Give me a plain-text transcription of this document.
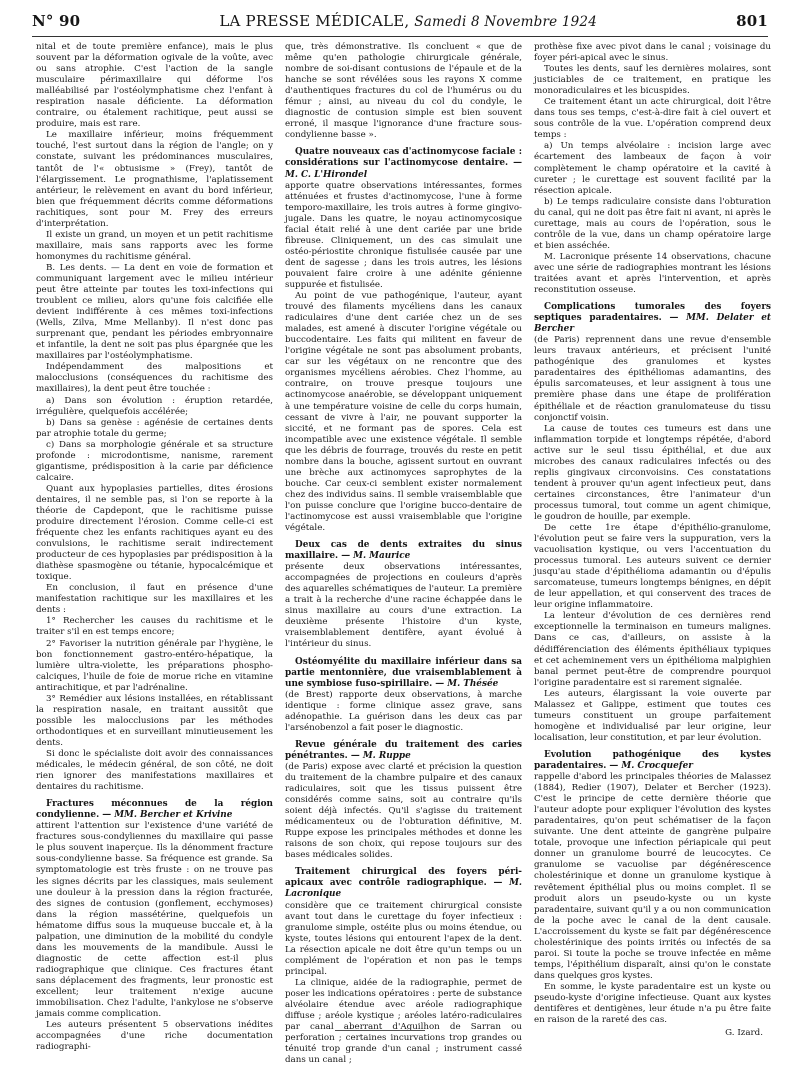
N° 90	LA PRESSE MÉDICALE, Samedi 8 Novembre 1924	801

nital et de toute première enfance), mais le plus souvent par la déformation ogivale de la voûte, avec ou sans atrophie. C'est l'action de la sangle musculaire périmaxillaire qui déforme l'os malléabilisé par l'ostéolymphatisme chez l'enfant à respiration nasale déficiente. La déformation contraire, ou étalement rachitique, peut aussi se produire, mais est rare.

Le maxillaire inférieur, moins fréquemment touché, l'est surtout dans la région de l'angle; on y constate, suivant les prédominances musculaires, tantôt de l'« obtusisme » (Frey), tantôt de l'élargissement. Le prognathisme, l'aplatissement antérieur, le relèvement en avant du bord inférieur, bien que fréquemment décrits comme déformations rachitiques, sont pour M. Frey des erreurs d'interprétation.

Il existe un grand, un moyen et un petit rachitisme maxillaire, mais sans rapports avec les forme homonymes du rachitisme général.

B. Les dents. — La dent en voie de formation et communiquant largement avec le milieu intérieur peut être atteinte par toutes les toxi-infections qui troublent ce milieu, alors qu'une fois calcifiée elle devient indifférente à ces mêmes toxi-infections (Wells, Zilva, Mme Mellanby). Il n'est donc pas surprenant que, pendant les périodes embryonnaire et infantile, la dent ne soit pas plus épargnée que les maxillaires par l'ostéolymphatisme.

Indépendamment des malpositions et malocclusions (conséquences du rachitisme des maxillaires), la dent peut être touchée :

a) Dans son évolution : éruption retardée, irrégulière, quelquefois accélérée;

b) Dans sa genèse : agénésie de certaines dents par atrophie totale du germe;

c) Dans sa morphologie générale et sa structure profonde : microdontisme, nanisme, rarement gigantisme, prédisposition à la carie par déficience calcaire.

Quant aux hypoplasies partielles, dites érosions dentaires, il ne semble pas, si l'on se reporte à la théorie de Capdepont, que le rachitisme puisse produire directement l'érosion. Comme celle-ci est fréquente chez les enfants rachitiques ayant eu des convulsions, le rachitisme serait indirectement producteur de ces hypoplasies par prédisposition à la diathèse spasmogène ou tétanie, hypocalcémique et toxique.

En conclusion, il faut en présence d'une manifestation rachitique sur les maxillaires et les dents :

1° Rechercher les causes du rachitisme et le traiter s'il en est temps encore;

2° Favoriser la nutrition générale par l'hygiène, le bon fonctionnement gastro-entéro-hépatique, la lumière ultra-violette, les préparations phospho-calciques, l'huile de foie de morue riche en vitamine antirachitique, et par l'adrénaline.

3° Remédier aux lésions installées, en rétablissant la respiration nasale, en traitant aussitôt que possible les malocclusions par les méthodes orthodontiques et en surveillant minutieusement les dents.

Si donc le spécialiste doit avoir des connaissances médicales, le médecin général, de son côté, ne doit rien ignorer des manifestations maxillaires et dentaires du rachitisme.

Fractures méconnues de la région condylienne. — MM. Bercher et Krivine

attirent l'attention sur l'existence d'une variété de fractures sous-condyliennes du maxillaire qui passe le plus souvent inaperçue. Ils la dénomment fracture sous-condylienne basse. Sa fréquence est grande. Sa symptomatologie est très fruste : on ne trouve pas les signes décrits par les classiques, mais seulement une douleur à la pression dans la région fracturée, des signes de contusion (gonflement, ecchymoses) dans la région massétérine, quelquefois un hématome diffus sous la muqueuse buccale et, à la palpation, une diminution de la mobilité du condyle dans les mouvements de la mandibule. Aussi le diagnostic de cette affection est-il plus radiographique que clinique. Ces fractures étant sans déplacement des fragments, leur pronostic est excellent; leur traitement n'exige aucune immobilisation. Chez l'adulte, l'ankylose ne s'observe jamais comme complication.

Les auteurs présentent 5 observations inédites accompagnées d'une riche documentation radiographi-

que, très démonstrative. Ils concluent « que de même qu'en pathologie chirurgicale générale, nombre de soi-disant contusions de l'épaule et de la hanche se sont révélées sous les rayons X comme d'authentiques fractures du col de l'humérus ou du fémur ; ainsi, au niveau du col du condyle, le diagnostic de contusion simple est bien souvent erroné, il masque l'ignorance d'une fracture sous-condylienne basse ».

Quatre nouveaux cas d'actinomycose faciale : considérations sur l'actinomycose dentaire. — M. C. L'Hirondel

apporte quatre observations intéressantes, formes atténuées et frustes d'actinomycose, l'une à forme temporo-maxillaire, les trois autres à forme gingivo-jugale. Dans les quatre, le noyau actinomycosique facial était relié à une dent cariée par une bride fibreuse. Cliniquement, un des cas simulait une ostéo-périostite chronique fistulisée causée par une dent de sagesse ; dans les trois autres, les lésions pouvaient faire croire à une adénite génienne suppurée et fistulisée.

Au point de vue pathogénique, l'auteur, ayant trouvé des filaments mycéliens dans les canaux radiculaires d'une dent cariée chez un de ses malades, est amené à discuter l'origine végétale ou buccodentaire. Les faits qui militent en faveur de l'origine végétale ne sont pas absolument probants, car sur les végétaux on ne rencontre que des organismes mycéliens aérobies. Chez l'homme, au contraire, on trouve presque toujours une actinomycose anaérobie, se développant uniquement à une température voisine de celle du corps humain, cessant de vivre à l'air, ne pouvant supporter la siccité, et ne formant pas de spores. Cela est incompatible avec une existence végétale. Il semble que les débris de fourrage, trouvés du reste en petit nombre dans la bouche, agissent surtout en ouvrant une brèche aux actinomyces saprophytes de la bouche. Car ceux-ci semblent exister normalement chez des individus sains. Il semble vraisemblable que l'on puisse conclure que l'origine bucco-dentaire de l'actinomycose est aussi vraisemblable que l'origine végétale.

Deux cas de dents extraites du sinus maxillaire. — M. Maurice

présente deux observations intéressantes, accompagnées de projections en couleurs d'après des aquarelles schématiques de l'auteur. La première a trait à la recherche d'une racine échappée dans le sinus maxillaire au cours d'une extraction. La deuxième présente l'histoire d'un kyste, vraisemblablement dentifère, ayant évolué à l'intérieur du sinus.

Ostéomyélite du maxillaire inférieur dans sa partie mentonnière, due vraisemblablement à une symbiose fuso-spirillaire. — M. Thésée

(de Brest) rapporte deux observations, à marche identique : forme clinique assez grave, sans adénopathie. La guérison dans les deux cas par l'arsénobenzol a fait poser le diagnostic.

Revue générale du traitement des caries pénétrantes. — M. Ruppe

(de Paris) expose avec clarté et précision la question du traitement de la chambre pulpaire et des canaux radiculaires, soit que les tissus puissent être considérés comme sains, soit au contraire qu'ils soient déjà infectés. Qu'il s'agisse du traitement médicamenteux ou de l'obturation définitive, M. Ruppe expose les principales méthodes et donne les raisons de son choix, qui repose toujours sur des bases médicales solides.

Traitement chirurgical des foyers péri-apicaux avec contrôle radiographique. — M. Lacronique

considère que ce traitement chirurgical consiste avant tout dans le curettage du foyer infectieux : granulome simple, ostéite plus ou moins étendue, ou kyste, toutes lésions qui entourent l'apex de la dent. La résection apicale ne doit être qu'un temps ou un complément de l'opération et non pas le temps principal.

La clinique, aidée de la radiographie, permet de poser les indications opératoires : perte de substance alvéolaire étendue avec aréole radiographique diffuse ; aréole kystique ; aréoles latéro-radiculaires par canal aberrant d'Aguilhon de Sarran ou perforation ; certaines incurvations trop grandes ou ténuité trop grande d'un canal ; instrument cassé dans un canal ;

prothèse fixe avec pivot dans le canal ; voisinage du foyer péri-apical avec le sinus.

Toutes les dents, sauf les dernières molaires, sont justiciables de ce traitement, en pratique les monoradiculaires et les bicuspides.

Ce traitement étant un acte chirurgical, doit l'être dans tous ses temps, c'est-à-dire fait à ciel ouvert et sous contrôle de la vue. L'opération comprend deux temps :

a) Un temps alvéolaire : incision large avec écartement des lambeaux de façon à voir complètement le champ opératoire et la cavité à cureter ; le curettage est souvent facilité par la résection apicale.

b) Le temps radiculaire consiste dans l'obturation du canal, qui ne doit pas être fait ni avant, ni après le curettage, mais au cours de l'opération, sous le contrôle de la vue, dans un champ opératoire large et bien asséchée.

M. Lacronique présente 14 observations, chacune avec une série de radiographies montrant les lésions traitées avant et après l'intervention, et après reconstitution osseuse.

Complications tumorales des foyers septiques paradentaires. — MM. Delater et Bercher

(de Paris) reprennent dans une revue d'ensemble leurs travaux antérieurs, et précisent l'unité pathogénique des granulomes et kystes paradentaires des épithéliomas adamantins, des épulis sarcomateuses, et leur assignent à tous une première phase dans une étape de prolifération épithéliale et de réaction granulomateuse du tissu conjonctif voisin.

La cause de toutes ces tumeurs est dans une inflammation torpide et longtemps répétée, d'abord active sur le seul tissu épithélial, et due aux microbes des canaux radiculaires infectés ou des replis gingivaux circonvoisins. Ces constatations tendent à prouver qu'un agent infectieux peut, dans certaines circonstances, être l'animateur d'un processus tumoral, tout comme un agent chimique, le goudron de houille, par exemple.

De cette 1re étape d'épithélio-granulome, l'évolution peut se faire vers la suppuration, vers la vacuolisation kystique, ou vers l'accentuation du processus tumoral. Les auteurs suivent ce dernier jusqu'au stade d'épithélioma adamantin ou d'épulis sarcomateuse, tumeurs longtemps bénignes, en dépit de leur appellation, et qui conservent des traces de leur origine inflammatoire.

La lenteur d'évolution de ces dernières rend exceptionnelle la terminaison en tumeurs malignes. Dans ce cas, d'ailleurs, on assiste à la dédifférenciation des éléments épithéliaux typiques et cet acheminement vers un épithélioma malpighien banal permet peut-être de comprendre pourquoi l'origine paradentaire est si rarement signalée.

Les auteurs, élargissant la voie ouverte par Malassez et Galippe, estiment que toutes ces tumeurs constituent un groupe parfaitement homogène et individualisé par leur origine, leur localisation, leur constitution, et par leur évolution.

Evolution pathogénique des kystes paradentaires. — M. Crocquefer

rappelle d'abord les principales théories de Malassez (1884), Redier (1907), Delater et Bercher (1923). C'est le principe de cette dernière théorie que l'auteur adopte pour expliquer l'évolution des kystes paradentaires, qu'on peut schématiser de la façon suivante. Une dent atteinte de gangrène pulpaire totale, provoque une infection périapicale qui peut donner un granulome bourré de leucocytes. Ce granulome se vacuolise par dégénérescence cholestérinique et donne un granulome kystique à revêtement épithélial plus ou moins complet. Il se produit alors un pseudo-kyste ou un kyste paradentaire, suivant qu'il y a ou non communication de la poche avec le canal de la dent causale. L'accroissement du kyste se fait par dégénérescence cholestérinique des points irrités ou infectés de sa paroi. Si toute la poche se trouve infectée en même temps, l'épithélium disparaît, ainsi qu'on le constate dans quelques gros kystes.

En somme, le kyste paradentaire est un kyste ou pseudo-kyste d'origine infectieuse. Quant aux kystes dentifères et dentigènes, leur étude n'a pu être faite en raison de la rareté des cas.

G. Izard.
